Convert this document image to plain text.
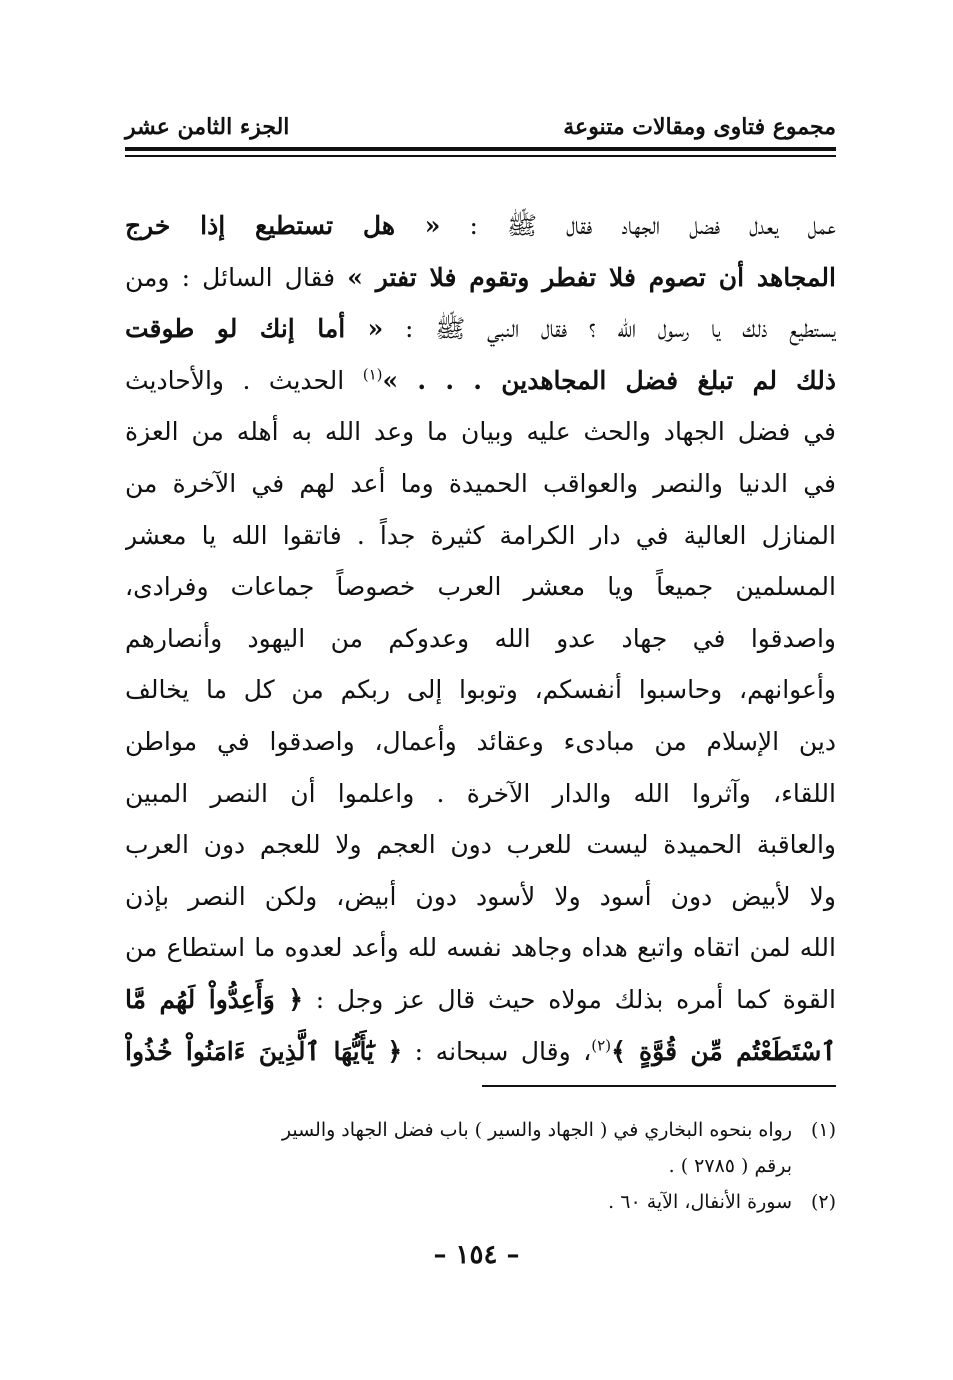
مجموع فتاوى ومقالات متنوعة
الجزء الثامن عشر
عمل يعدل فضل الجهاد فقال ﷺ : « هل تستطيع إذا خرج
المجاهد أن تصوم فلا تفطر وتقوم فلا تفتر » فقال السائل : ومن
يستطيع ذلك يا رسول الله ؟ فقال النبي ﷺ : « أما إنك لو طوقت
ذلك لم تبلغ فضل المجاهدين . . . »$^{(١)}$ الحديث . والأحاديث
في فضل الجهاد والحث عليه وبيان ما وعد الله به أهله من العزة
في الدنيا والنصر والعواقب الحميدة وما أعد لهم في الآخرة من
المنازل العالية في دار الكرامة كثيرة جداً . فاتقوا الله يا معشر
المسلمين جميعاً ويا معشر العرب خصوصاً جماعات وفرادى،
واصدقوا في جهاد عدو الله وعدوكم من اليهود وأنصارهم
وأعوانهم، وحاسبوا أنفسكم، وتوبوا إلى ربكم من كل ما يخالف
دين الإسلام من مبادىء وعقائد وأعمال، واصدقوا في مواطن
اللقاء، وآثروا الله والدار الآخرة . واعلموا أن النصر المبين
والعاقبة الحميدة ليست للعرب دون العجم ولا للعجم دون العرب
ولا لأبيض دون أسود ولا لأسود دون أبيض، ولكن النصر بإذن
الله لمن اتقاه واتبع هداه وجاهد نفسه لله وأعد لعدوه ما استطاع من
القوة كما أمره بذلك مولاه حيث قال عز وجل : ﴿ وَأَعِدُّواْ لَهُم مَّا
ٱسْتَطَعْتُم مِّن قُوَّةٍ ﴾$^{(٢)}$، وقال سبحانه : ﴿ يَٰٓأَيُّهَا ٱلَّذِينَ ءَامَنُواْ خُذُواْ
(١)رواه بنحوه البخاري في ( الجهاد والسير ) باب فضل الجهاد والسير
برقم ( ٢٧٨٥ ) .
(٢)سورة الأنفال، الآية ٦٠ .
– ١٥٤ –
